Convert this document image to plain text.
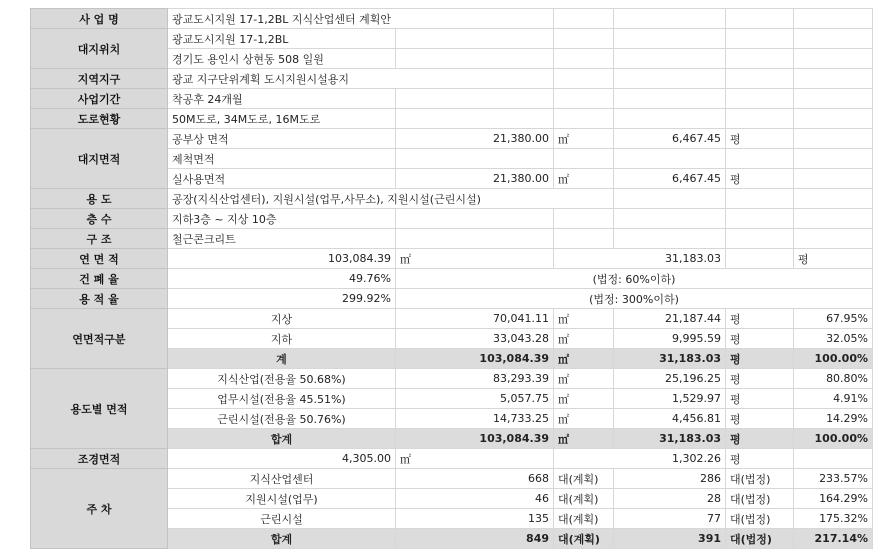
사 업 명	광교도시지원 17-1,2BL 지식산업센터 계획안					
대지위치	광교도시지원 17-1,2BL					
	경기도 용인시 상현동 508 일원					
지역지구	광교 지구단위계획 도시지원시설용지					
사업기간	착공후 24개월					
도로현황	50M도로, 34M도로, 16M도로					
대지면적	공부상 면적	21,380.00	㎡	6,467.45	평	
	제척면적					
	실사용면적	21,380.00	㎡	6,467.45	평	
용 도	공장(지식산업센터), 지원시설(업무,사무소), 지원시설(근린시설)					
층 수	지하3층 ~ 지상 10층					
구 조	철근콘크리트					
연 면 적	103,084.39	㎡	31,183.03			평
건 폐 율	49.76%	(법정: 60%이하)				
용 적 율	299.92%	(법정: 300%이하)				
연면적구분	지상	70,041.11	㎡	21,187.44	평	67.95%
	지하	33,043.28	㎡	9,995.59	평	32.05%
	계	103,084.39	㎡	31,183.03	평	100.00%
용도별 면적	지식산업(전용율 50.68%)	83,293.39	㎡	25,196.25	평	80.80%
	업무시설(전용율 45.51%)	5,057.75	㎡	1,529.97	평	4.91%
	근린시설(전용율 50.76%)	14,733.25	㎡	4,456.81	평	14.29%
	합계	103,084.39	㎡	31,183.03	평	100.00%
조경면적	4,305.00	㎡	1,302.26		평	
주 차	지식산업센터	668	대(계획)	286	대(법정)	233.57%
	지원시설(업무)	46	대(계획)	28	대(법정)	164.29%
	근린시설	135	대(계획)	77	대(법정)	175.32%
	합계	849	대(계획)	391	대(법정)	217.14%
